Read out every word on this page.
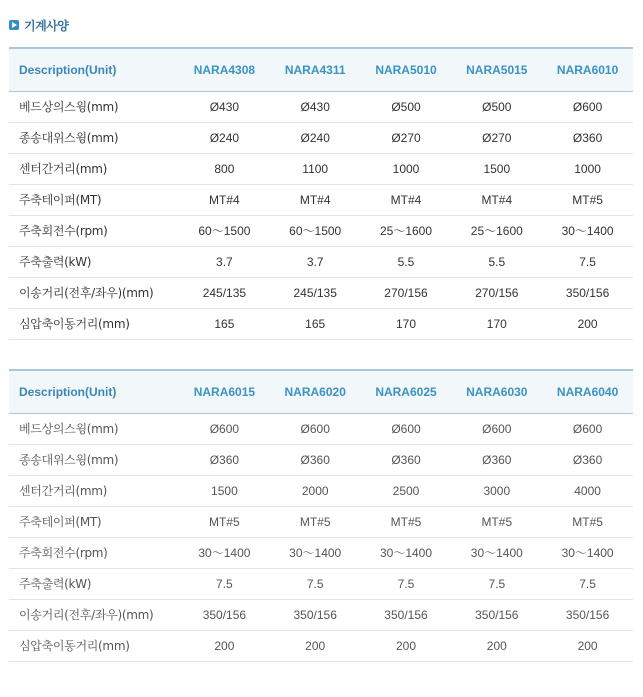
기계사양
Description(Unit)	NARA4308	NARA4311	NARA5010	NARA5015	NARA6010
베드상의스윙(mm)	Ø430	Ø430	Ø500	Ø500	Ø600
종송대위스윙(mm)	Ø240	Ø240	Ø270	Ø270	Ø360
센터간거리(mm)	800	1100	1000	1500	1000
주축테이퍼(MT)	MT#4	MT#4	MT#4	MT#4	MT#5
주축회전수(rpm)	60～1500	60～1500	25～1600	25～1600	30～1400
주축출력(kW)	3.7	3.7	5.5	5.5	7.5
이송거리(전후/좌우)(mm)	245/135	245/135	270/156	270/156	350/156
심압축이동거리(mm)	165	165	170	170	200
Description(Unit)	NARA6015	NARA6020	NARA6025	NARA6030	NARA6040
베드상의스윙(mm)	Ø600	Ø600	Ø600	Ø600	Ø600
종송대위스윙(mm)	Ø360	Ø360	Ø360	Ø360	Ø360
센터간거리(mm)	1500	2000	2500	3000	4000
주축테이퍼(MT)	MT#5	MT#5	MT#5	MT#5	MT#5
주축회전수(rpm)	30～1400	30～1400	30～1400	30～1400	30～1400
주축출력(kW)	7.5	7.5	7.5	7.5	7.5
이송거리(전후/좌우)(mm)	350/156	350/156	350/156	350/156	350/156
심압축이동거리(mm)	200	200	200	200	200
